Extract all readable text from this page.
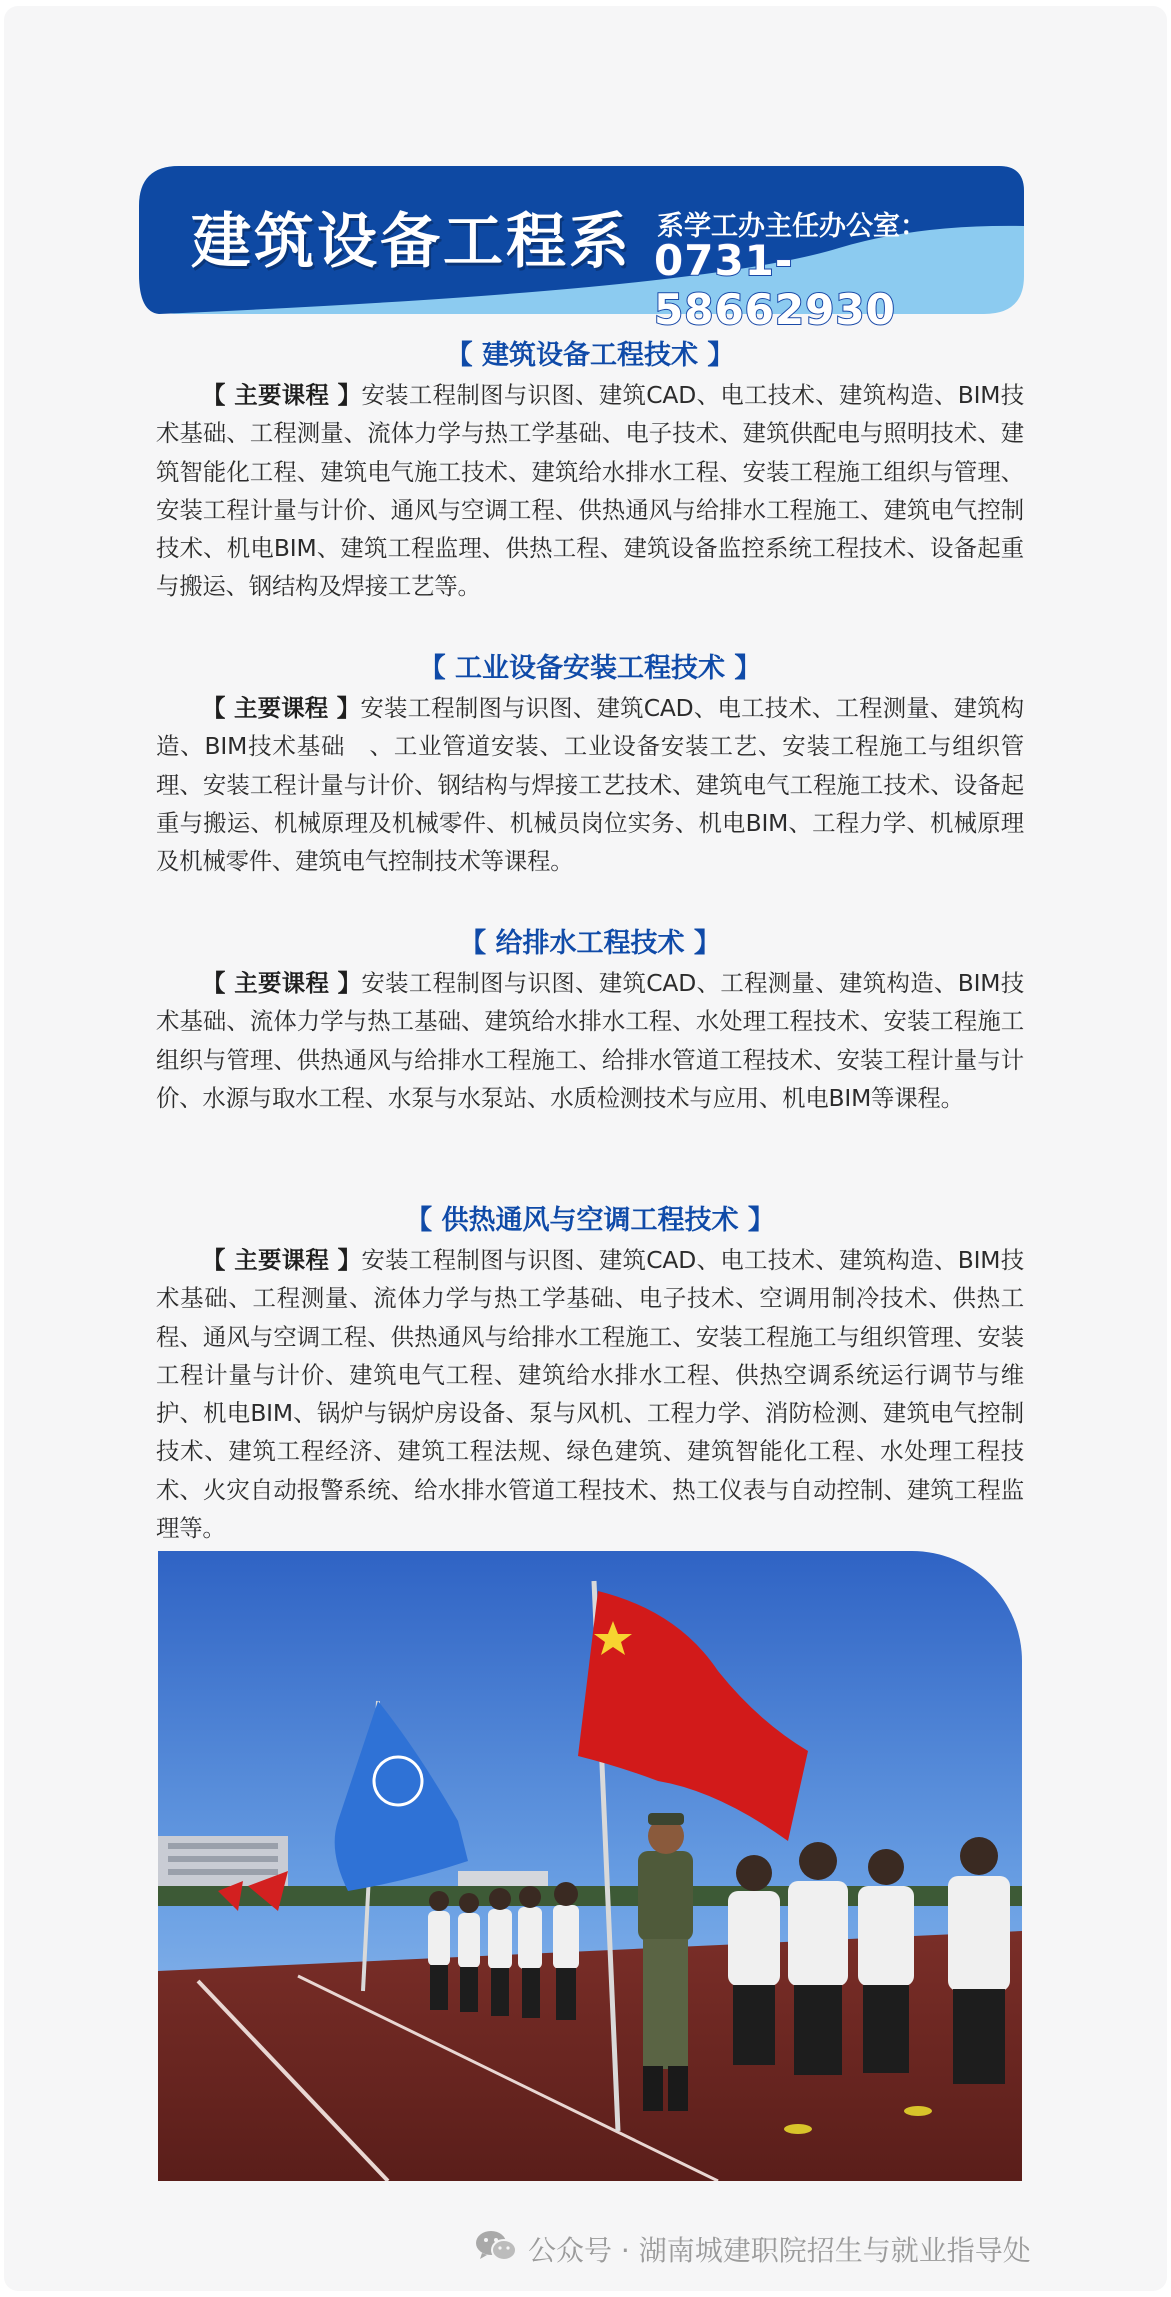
建筑设备工程系 系学工办主任办公室：
0731-58662930
【 建筑设备工程技术 】

【 主要课程 】安装工程制图与识图、建筑CAD、电工技术、建筑构造、BIM技术基础、工程测量、流体力学与热工学基础、电子技术、建筑供配电与照明技术、建筑智能化工程、建筑电气施工技术、建筑给水排水工程、安装工程施工组织与管理、安装工程计量与计价、通风与空调工程、供热通风与给排水工程施工、建筑电气控制技术、机电BIM、建筑工程监理、供热工程、建筑设备监控系统工程技术、设备起重与搬运、钢结构及焊接工艺等。

【 工业设备安装工程技术 】

【 主要课程 】安装工程制图与识图、建筑CAD、电工技术、工程测量、建筑构造、BIM技术基础　、工业管道安装、工业设备安装工艺、安装工程施工与组织管理、安装工程计量与计价、钢结构与焊接工艺技术、建筑电气工程施工技术、设备起重与搬运、机械原理及机械零件、机械员岗位实务、机电BIM、工程力学、机械原理及机械零件、建筑电气控制技术等课程。

【 给排水工程技术 】

【 主要课程 】安装工程制图与识图、建筑CAD、工程测量、建筑构造、BIM技术基础、流体力学与热工基础、建筑给水排水工程、水处理工程技术、安装工程施工组织与管理、供热通风与给排水工程施工、给排水管道工程技术、安装工程计量与计价、水源与取水工程、水泵与水泵站、水质检测技术与应用、机电BIM等课程。

【 供热通风与空调工程技术 】

【 主要课程 】安装工程制图与识图、建筑CAD、电工技术、建筑构造、BIM技术基础、工程测量、流体力学与热工学基础、电子技术、空调用制冷技术、供热工程、通风与空调工程、供热通风与给排水工程施工、安装工程施工与组织管理、安装工程计量与计价、建筑电气工程、建筑给水排水工程、供热空调系统运行调节与维护、机电BIM、锅炉与锅炉房设备、泵与风机、工程力学、消防检测、建筑电气控制技术、建筑工程经济、建筑工程法规、绿色建筑、建筑智能化工程、水处理工程技术、火灾自动报警系统、给水排水管道工程技术、热工仪表与自动控制、建筑工程监理等。

公众号 · 湖南城建职院招生与就业指导处
